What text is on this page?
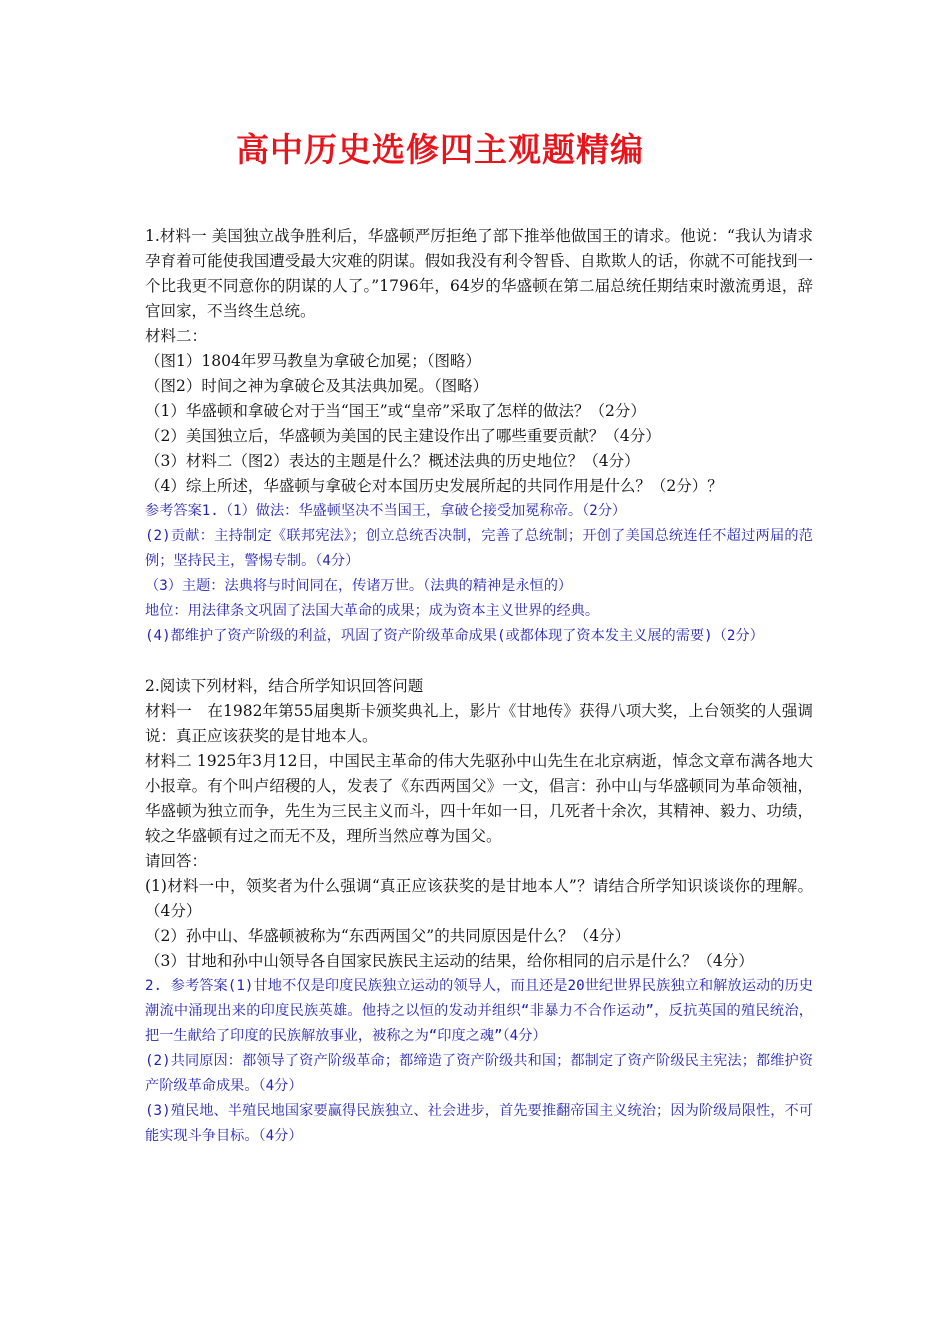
高中历史选修四主观题精编

1.材料一 美国独立战争胜利后，华盛顿严厉拒绝了部下推举他做国王的请求。他说：“我认为请求孕育着可能使我国遭受最大灾难的阴谋。假如我没有利令智昏、自欺欺人的话，你就不可能找到一个比我更不同意你的阴谋的人了。”1796年，64岁的华盛顿在第二届总统任期结束时激流勇退，辞官回家，不当终生总统。

材料二：

（图1）1804年罗马教皇为拿破仑加冕；（图略）

（图2）时间之神为拿破仑及其法典加冕。（图略）

（1）华盛顿和拿破仑对于当“国王”或“皇帝”采取了怎样的做法？（2分）

（2）美国独立后，华盛顿为美国的民主建设作出了哪些重要贡献？（4分）

（3）材料二（图2）表达的主题是什么？概述法典的历史地位？（4分）

（4）综上所述，华盛顿与拿破仑对本国历史发展所起的共同作用是什么？（2分）？

参考答案1.（1）做法：华盛顿坚决不当国王，拿破仑接受加冕称帝。（2分）

(2)贡献：主持制定《联邦宪法》；创立总统否决制，完善了总统制；开创了美国总统连任不超过两届的范例；坚持民主，警惕专制。（4分）

（3）主题：法典将与时间同在，传诸万世。（法典的精神是永恒的）

地位：用法律条文巩固了法国大革命的成果；成为资本主义世界的经典。

(4)都维护了资产阶级的利益，巩固了资产阶级革命成果(或都体现了资本发主义展的需要)（2分）

2.阅读下列材料，结合所学知识回答问题

材料一　在1982年第55届奥斯卡颁奖典礼上，影片《甘地传》获得八项大奖，上台领奖的人强调说：真正应该获奖的是甘地本人。

材料二 1925年3月12日，中国民主革命的伟大先驱孙中山先生在北京病逝，悼念文章布满各地大小报章。有个叫卢绍稷的人，发表了《东西两国父》一文，倡言：孙中山与华盛顿同为革命领袖，华盛顿为独立而争，先生为三民主义而斗，四十年如一日，几死者十余次，其精神、毅力、功绩，较之华盛顿有过之而无不及，理所当然应尊为国父。

请回答：

(1)材料一中，领奖者为什么强调“真正应该获奖的是甘地本人”？请结合所学知识谈谈你的理解。（4分）

（2）孙中山、华盛顿被称为“东西两国父”的共同原因是什么？（4分）

（3）甘地和孙中山领导各自国家民族民主运动的结果，给你相同的启示是什么？（4分）

2. 参考答案(1)甘地不仅是印度民族独立运动的领导人，而且还是20世纪世界民族独立和解放运动的历史潮流中涌现出来的印度民族英雄。他持之以恒的发动并组织“非暴力不合作运动”，反抗英国的殖民统治，把一生献给了印度的民族解放事业，被称之为“印度之魂”（4分）

(2)共同原因：都领导了资产阶级革命；都缔造了资产阶级共和国；都制定了资产阶级民主宪法；都维护资产阶级革命成果。（4分）

(3)殖民地、半殖民地国家要赢得民族独立、社会进步，首先要推翻帝国主义统治；因为阶级局限性，不可能实现斗争目标。（4分）
